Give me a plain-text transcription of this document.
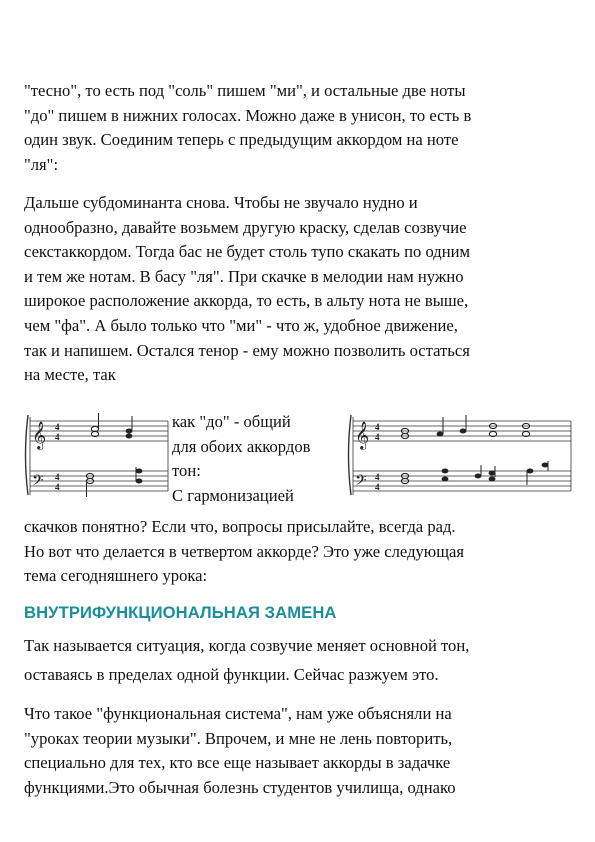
"тесно", то есть под "соль" пишем "ми", и остальные две ноты
"до" пишем в нижних голосах. Можно даже в унисон, то есть в
один звук. Соединим теперь с предыдущим аккордом на ноте
"ля":
Дальше субдоминанта снова. Чтобы не звучало нудно и
однообразно, давайте возьмем другую краску, сделав созвучие
секстаккордом. Тогда бас не будет столь тупо скакать по одним
и тем же нотам. В басу "ля". При скачке в мелодии нам нужно
широкое расположение аккорда, то есть, в альту нота не выше,
чем "фа". А было только что "ми" - что ж, удобное движение,
так и напишем. Остался тенор - ему можно позволить остаться
на месте, так
𝄞
𝄢
4
4
4
4
как "до" - общий
для обоих аккордов
тон:
С гармонизацией
𝄞
𝄢
4
4
4
4
скачков понятно? Если что, вопросы присылайте, всегда рад.
Но вот что делается в четвертом аккорде? Это уже следующая
тема сегодняшнего урока:
ВНУТРИФУНКЦИОНАЛЬНАЯ ЗАМЕНА
Так называется ситуация, когда созвучие меняет основной тон,
оставаясь в пределах одной функции. Сейчас разжуем это.
Что такое "функциональная система", нам уже объясняли на
"уроках теории музыки". Впрочем, и мне не лень повторить,
специально для тех, кто все еще называет аккорды в задачке
функциями.Это обычная болезнь студентов училища, однако
